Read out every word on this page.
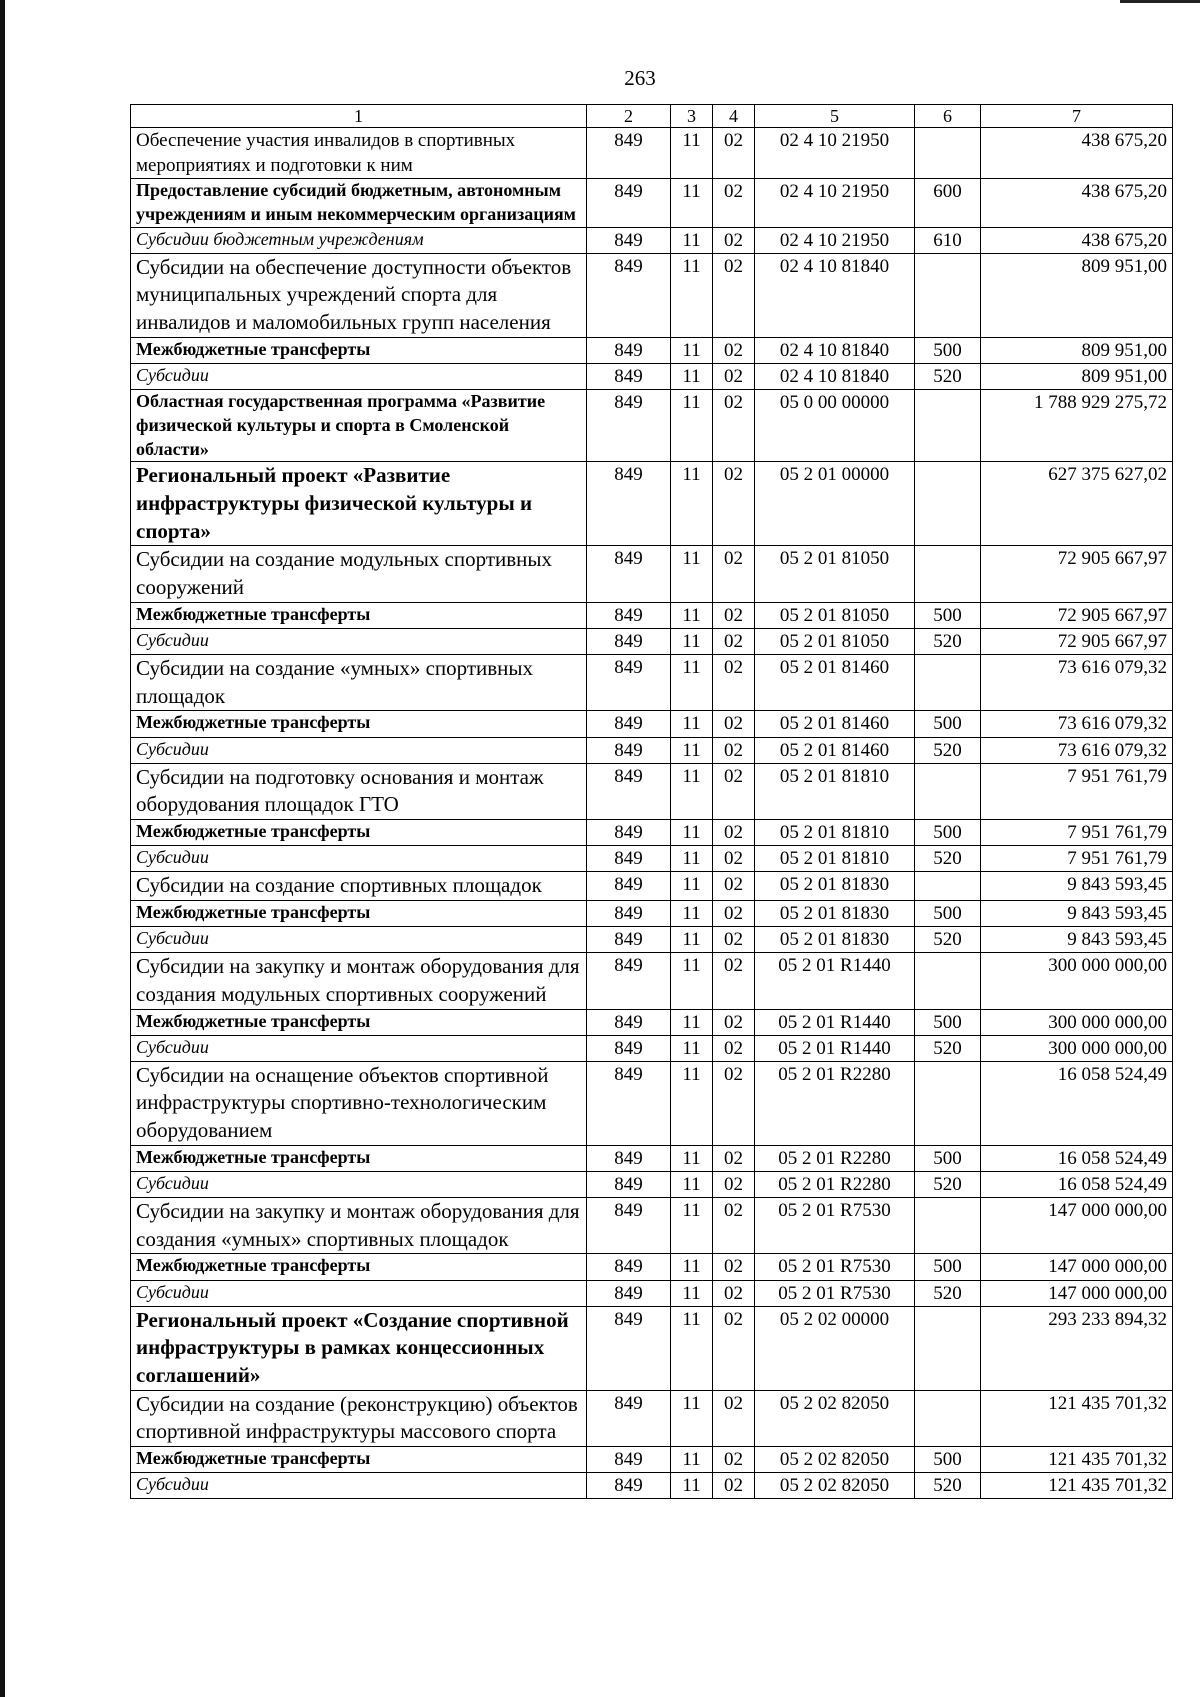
263
1	2	3	4	5	6	7
Обеспечение участия инвалидов в спортивных мероприятиях и подготовки к ним	849	11	02	02 4 10 21950		438 675,20
Предоставление субсидий бюджетным, автономным учреждениям и иным некоммерческим организациям	849	11	02	02 4 10 21950	600	438 675,20
Субсидии бюджетным учреждениям	849	11	02	02 4 10 21950	610	438 675,20
Субсидии на обеспечение доступности объектов муниципальных учреждений спорта для инвалидов и маломобильных групп населения	849	11	02	02 4 10 81840		809 951,00
Межбюджетные трансферты	849	11	02	02 4 10 81840	500	809 951,00
Субсидии	849	11	02	02 4 10 81840	520	809 951,00
Областная государственная программа «Развитие физической культуры и спорта в Смоленской области»	849	11	02	05 0 00 00000		1 788 929 275,72
Региональный проект «Развитие инфраструктуры физической культуры и спорта»	849	11	02	05 2 01 00000		627 375 627,02
Субсидии на создание модульных спортивных сооружений	849	11	02	05 2 01 81050		72 905 667,97
Межбюджетные трансферты	849	11	02	05 2 01 81050	500	72 905 667,97
Субсидии	849	11	02	05 2 01 81050	520	72 905 667,97
Субсидии на создание «умных» спортивных площадок	849	11	02	05 2 01 81460		73 616 079,32
Межбюджетные трансферты	849	11	02	05 2 01 81460	500	73 616 079,32
Субсидии	849	11	02	05 2 01 81460	520	73 616 079,32
Субсидии на подготовку основания и монтаж оборудования площадок ГТО	849	11	02	05 2 01 81810		7 951 761,79
Межбюджетные трансферты	849	11	02	05 2 01 81810	500	7 951 761,79
Субсидии	849	11	02	05 2 01 81810	520	7 951 761,79
Субсидии на создание спортивных площадок	849	11	02	05 2 01 81830		9 843 593,45
Межбюджетные трансферты	849	11	02	05 2 01 81830	500	9 843 593,45
Субсидии	849	11	02	05 2 01 81830	520	9 843 593,45
Субсидии на закупку и монтаж оборудования для создания модульных спортивных сооружений	849	11	02	05 2 01 R1440		300 000 000,00
Межбюджетные трансферты	849	11	02	05 2 01 R1440	500	300 000 000,00
Субсидии	849	11	02	05 2 01 R1440	520	300 000 000,00
Субсидии на оснащение объектов спортивной инфраструктуры спортивно-технологическим оборудованием	849	11	02	05 2 01 R2280		16 058 524,49
Межбюджетные трансферты	849	11	02	05 2 01 R2280	500	16 058 524,49
Субсидии	849	11	02	05 2 01 R2280	520	16 058 524,49
Субсидии на закупку и монтаж оборудования для создания «умных» спортивных площадок	849	11	02	05 2 01 R7530		147 000 000,00
Межбюджетные трансферты	849	11	02	05 2 01 R7530	500	147 000 000,00
Субсидии	849	11	02	05 2 01 R7530	520	147 000 000,00
Региональный проект «Создание спортивной инфраструктуры в рамках концессионных соглашений»	849	11	02	05 2 02 00000		293 233 894,32
Субсидии на создание (реконструкцию) объектов спортивной инфраструктуры массового спорта	849	11	02	05 2 02 82050		121 435 701,32
Межбюджетные трансферты	849	11	02	05 2 02 82050	500	121 435 701,32
Субсидии	849	11	02	05 2 02 82050	520	121 435 701,32
